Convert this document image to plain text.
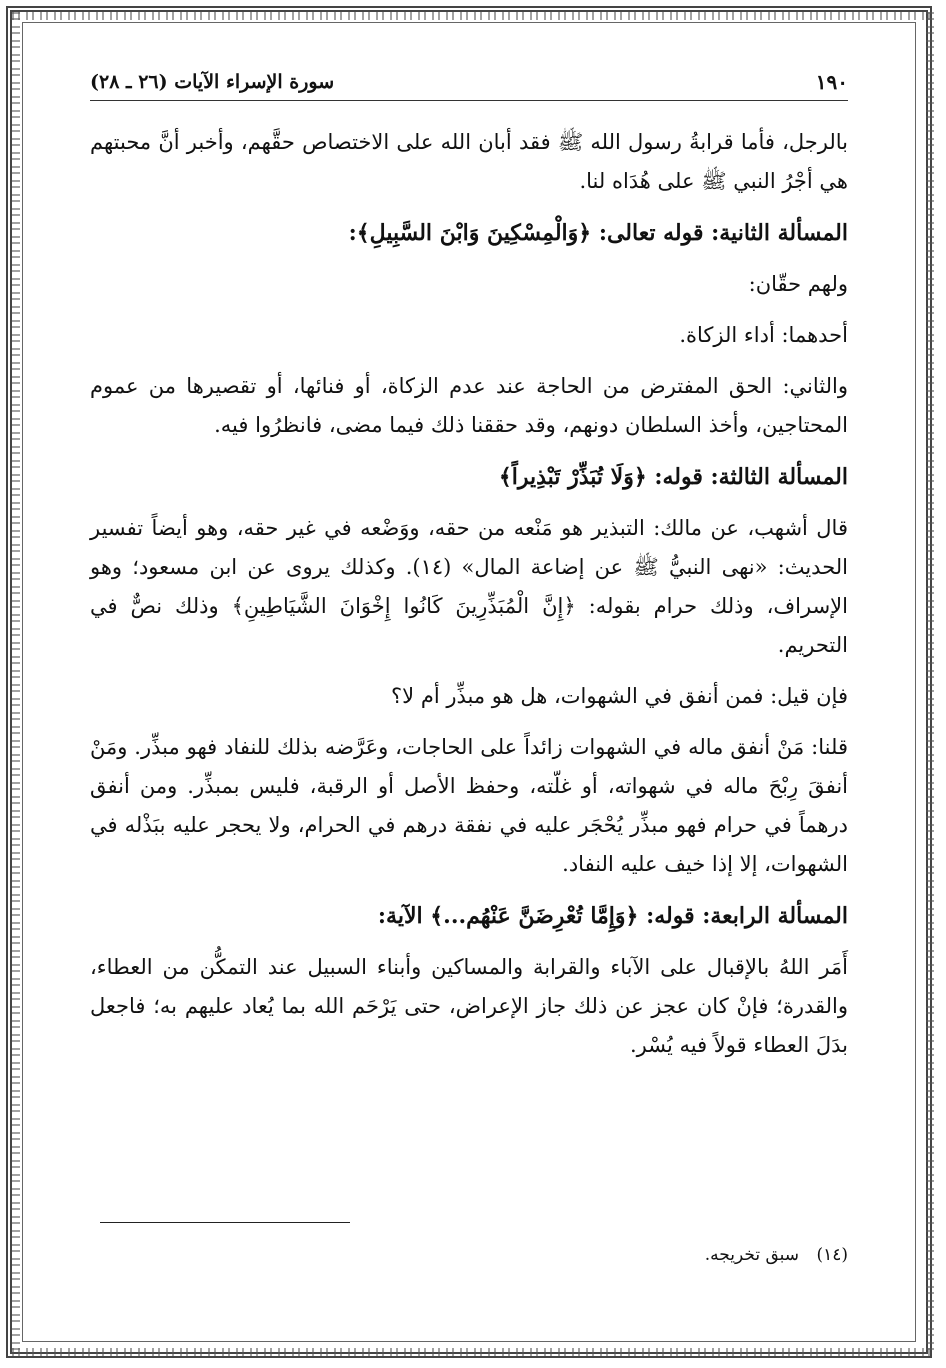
١٩٠
سورة الإسراء الآيات (٢٦ ـ ٢٨)

بالرجل، فأما قرابةُ رسول الله ﷺ فقد أبان الله على الاختصاص حقَّهم، وأخبر أنَّ محبتهم هي أجْرُ النبي ﷺ على هُدَاه لنا.

المسألة الثانية: قوله تعالى: ﴿وَالْمِسْكِينَ وَابْنَ السَّبِيلِ﴾:

ولهم حقّان:

أحدهما: أداء الزكاة.

والثاني: الحق المفترض من الحاجة عند عدم الزكاة، أو فنائها، أو تقصيرها من عموم المحتاجين، وأخذ السلطان دونهم، وقد حققنا ذلك فيما مضى، فانظرُوا فيه.

المسألة الثالثة: قوله: ﴿وَلَا تُبَذِّرْ تَبْذِيراً﴾

قال أشهب، عن مالك: التبذير هو مَنْعه من حقه، ووَضْعه في غير حقه، وهو أيضاً تفسير الحديث: «نهى النبيُّ ﷺ عن إضاعة المال» (١٤). وكذلك يروى عن ابن مسعود؛ وهو الإسراف، وذلك حرام بقوله: ﴿إِنَّ الْمُبَذِّرِينَ كَانُوا إِخْوَانَ الشَّيَاطِينِ﴾ وذلك نصٌّ في التحريم.

فإن قيل: فمن أنفق في الشهوات، هل هو مبذِّر أم لا؟

قلنا: مَنْ أنفق ماله في الشهوات زائداً على الحاجات، وعَرَّضه بذلك للنفاد فهو مبذِّر. ومَنْ أنفقَ رِبْحَ ماله في شهواته، أو غلّته، وحفظ الأصل أو الرقبة، فليس بمبذِّر. ومن أنفق درهماً في حرام فهو مبذِّر يُحْجَر عليه في نفقة درهم في الحرام، ولا يحجر عليه ببَذْله في الشهوات، إلا إذا خيف عليه النفاد.

المسألة الرابعة: قوله: ﴿وَإِمَّا تُعْرِضَنَّ عَنْهُم...﴾ الآية:

أَمَر اللهُ بالإقبال على الآباء والقرابة والمساكين وأبناء السبيل عند التمكُّن من العطاء، والقدرة؛ فإنْ كان عجز عن ذلك جاز الإعراض، حتى يَرْحَم الله بما يُعاد عليهم به؛ فاجعل بدَلَ العطاء قولاً فيه يُسْر.

(١٤) سبق تخريجه.
